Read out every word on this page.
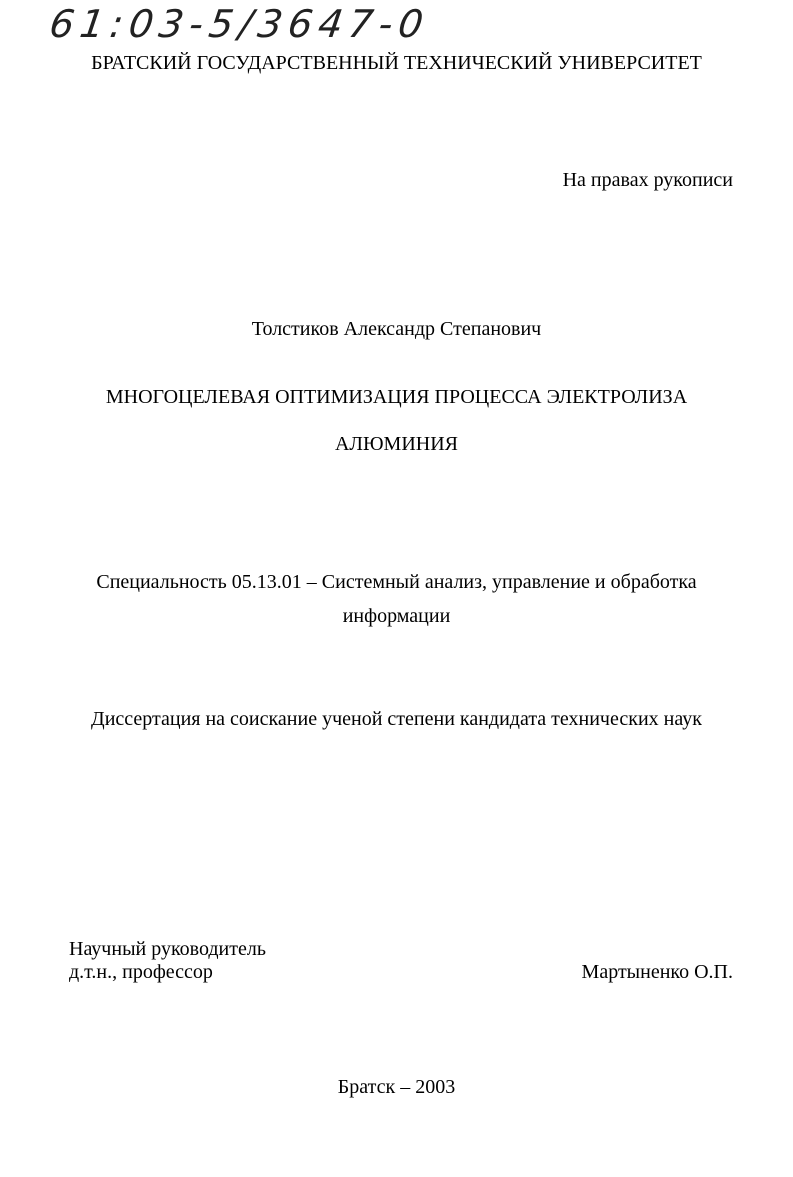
61:03-5/3647-0
БРАТСКИЙ ГОСУДАРСТВЕННЫЙ ТЕХНИЧЕСКИЙ УНИВЕРСИТЕТ
На правах рукописи
Толстиков Александр Степанович
МНОГОЦЕЛЕВАЯ ОПТИМИЗАЦИЯ ПРОЦЕССА ЭЛЕКТРОЛИЗА
АЛЮМИНИЯ
Специальность 05.13.01 – Системный анализ, управление и обработка
информации
Диссертация на соискание ученой степени кандидата технических наук
Научный руководитель
д.т.н., профессор	Мартыненко О.П.
Братск – 2003
